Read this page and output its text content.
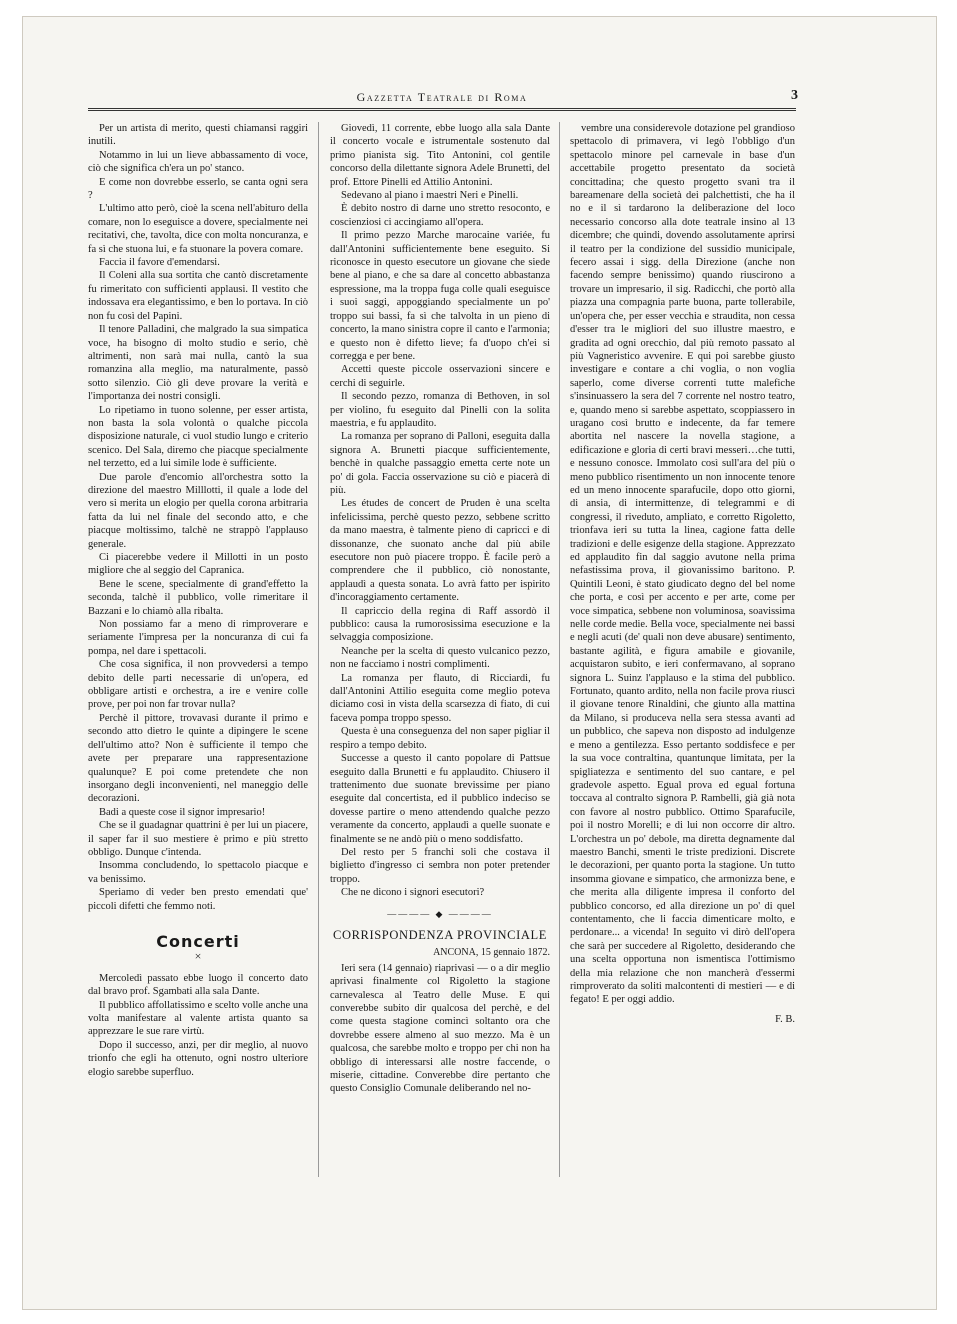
Gazzetta Teatrale di Roma	3

Per un artista di merito, questi chiamansi raggiri inutili.

Notammo in lui un lieve abbassamento di voce, ciò che significa ch'era un po' stanco.

E come non dovrebbe esserlo, se canta ogni sera ?

L'ultimo atto però, cioè la scena nell'abituro della comare, non lo eseguisce a dovere, specialmente nei recitativi, che, tavolta, dice con molta noncuranza, e fa sì che stuona lui, e fa stuonare la povera comare.

Faccia il favore d'emendarsi.

Il Coleni alla sua sortita che cantò discretamente fu rimeritato con sufficienti applausi. Il vestito che indossava era elegantissimo, e ben lo portava. In ciò non fu così del Papini.

Il tenore Palladini, che malgrado la sua simpatica voce, ha bisogno di molto studio e serio, chè altrimenti, non sarà mai nulla, cantò la sua romanzina alla meglio, ma naturalmente, passò sotto silenzio. Ciò gli deve provare la verità e l'importanza dei nostri consigli.

Lo ripetiamo in tuono solenne, per esser artista, non basta la sola volontà o qualche piccola disposizione naturale, ci vuol studio lungo e criterio scenico. Del Sala, diremo che piacque specialmente nel terzetto, ed a lui simile lode è sufficiente.

Due parole d'encomio all'orchestra sotto la direzione del maestro Milllotti, il quale a lode del vero si merita un elogio per quella corona arbitraria fatta da lui nel finale del secondo atto, e che piacque moltissimo, talchè ne strappò l'applauso generale.

Ci piacerebbe vedere il Millotti in un posto migliore che al seggio del Capranica.

Bene le scene, specialmente di grand'effetto la seconda, talchè il pubblico, volle rimeritare il Bazzani e lo chiamò alla ribalta.

Non possiamo far a meno di rimproverare e seriamente l'impresa per la noncuranza di cui fa pompa, nel dare i spettacoli.

Che cosa significa, il non provvedersi a tempo debito delle parti necessarie di un'opera, ed obbligare artisti e orchestra, a ire e venire colle prove, per poi non far trovar nulla?

Perchè il pittore, trovavasi durante il primo e secondo atto dietro le quinte a dipingere le scene dell'ultimo atto? Non è sufficiente il tempo che avete per preparare una rappresentazione qualunque? E poi come pretendete che non insorgano degli inconvenienti, nel maneggio delle decorazioni.

Badi a queste cose il signor impresario!

Che se il guadagnar quattrini è per lui un piacere, il saper far il suo mestiere è primo e più stretto obbligo. Dunque c'intenda.

Insomma concludendo, lo spettacolo piacque e va benissimo.

Speriamo di veder ben presto emendati que' piccoli difetti che femmo noti.

Concerti
×

Mercoledì passato ebbe luogo il concerto dato dal bravo prof. Sgambati alla sala Dante.

Il pubblico affollatissimo e scelto volle anche una volta manifestare al valente artista quanto sa apprezzare le sue rare virtù.

Dopo il successo, anzi, per dir meglio, al nuovo trionfo che egli ha ottenuto, ogni nostro ulteriore elogio sarebbe superfluo.

Giovedì, 11 corrente, ebbe luogo alla sala Dante il concerto vocale e istrumentale sostenuto dal primo pianista sig. Tito Antonini, col gentile concorso della dilettante signora Adele Brunetti, del prof. Ettore Pinelli ed Attilio Antonini.

Sedevano al piano i maestri Neri e Pinelli.

È debito nostro di darne uno stretto resoconto, e coscienziosi ci accingiamo all'opera.

Il primo pezzo Marche marocaine variée, fu dall'Antonini sufficientemente bene eseguito. Si riconosce in questo esecutore un giovane che siede bene al piano, e che sa dare al concetto abbastanza espressione, ma la troppa fuga colle quali eseguisce i suoi saggi, appoggiando specialmente un po' troppo sui bassi, fa sì che talvolta in un pieno di concerto, la mano sinistra copre il canto e l'armonia; e questo non è difetto lieve; fa d'uopo ch'ei si corregga e per bene.

Accetti queste piccole osservazioni sincere e cerchi di seguirle.

Il secondo pezzo, romanza di Bethoven, in sol per violino, fu eseguito dal Pinelli con la solita maestria, e fu applaudito.

La romanza per soprano di Palloni, eseguita dalla signora A. Brunetti piacque sufficientemente, benchè in qualche passaggio emetta certe note un po' di gola. Faccia osservazione su ciò e piacerà di più.

Les études de concert de Pruden è una scelta infelicissima, perchè questo pezzo, sebbene scritto da mano maestra, è talmente pieno di capricci e di dissonanze, che suonato anche dal più abile esecutore non può piacere troppo. È facile però a comprendere che il pubblico, ciò nonostante, applaudì a questa sonata. Lo avrà fatto per ispirito d'incoraggiamento certamente.

Il capriccio della regina di Raff assordò il pubblico: causa la rumorosissima esecuzione e la selvaggia composizione.

Neanche per la scelta di questo vulcanico pezzo, non ne facciamo i nostri complimenti.

La romanza per flauto, di Ricciardi, fu dall'Antonini Attilio eseguita come meglio poteva diciamo così in vista della scarsezza di fiato, di cui faceva pompa troppo spesso.

Questa è una conseguenza del non saper pigliar il respiro a tempo debito.

Successe a questo il canto popolare di Pattsue eseguito dalla Brunetti e fu applaudito. Chiusero il trattenimento due suonate brevissime per piano eseguite dal concertista, ed il pubblico indeciso se dovesse partire o meno attendendo qualche pezzo veramente da concerto, applaudì a quelle suonate e finalmente se ne andò più o meno soddisfatto.

Del resto per 5 franchi soli che costava il biglietto d'ingresso ci sembra non poter pretender troppo.

Che ne dicono i signori esecutori?

———— ◆ ————
CORRISPONDENZA PROVINCIALE
ANCONA, 15 gennaio 1872.

Ieri sera (14 gennaio) riaprivasi — o a dir meglio aprivasi finalmente col Rigoletto la stagione carnevalesca al Teatro delle Muse. E qui converebbe subito dir qualcosa del perchè, e del come questa stagione comincì soltanto ora che dovrebbe essere almeno al suo mezzo. Ma è un qualcosa, che sarebbe molto e troppo per chi non ha obbligo di interessarsi alle nostre faccende, o miserie, cittadine. Converebbe dire pertanto che questo Consiglio Comunale deliberando nel no-

vembre una considerevole dotazione pel grandioso spettacolo di primavera, vi legò l'obbligo d'un spettacolo minore pel carnevale in base d'un accettabile progetto presentato da società concittadina; che questo progetto svanì tra il bareamenare della società dei palchettisti, che ha il no e il sì tardarono la deliberazione del loco necessario concorso alla dote teatrale insino al 13 dicembre; che quindi, dovendo assolutamente aprirsi il teatro per la condizione del sussidio municipale, fecero assai i sigg. della Direzione (anche non facendo sempre benissimo) quando riuscirono a trovare un impresario, il sig. Radicchi, che portò alla piazza una compagnia parte buona, parte tollerabile, un'opera che, per esser vecchia e straudita, non cessa d'esser tra le migliori del suo illustre maestro, e gradita ad ogni orecchio, dal più remoto passato al più Vagneristico avvenire. E qui poi sarebbe giusto investigare e contare a chi voglia, o non voglia saperlo, come diverse correnti tutte malefiche s'insinuassero la sera del 7 corrente nel nostro teatro, e, quando meno si sarebbe aspettato, scoppiassero in uragano così brutto e indecente, da far temere abortita nel nascere la novella stagione, a edificazione e gloria di certi bravi messeri…che tutti, e nessuno conosce. Immolato così sull'ara del più o meno pubblico risentimento un non innocente tenore ed un meno innocente sparafucile, dopo otto giorni, di ansia, di intermittenze, di telegrammi e di congressi, il riveduto, ampliato, e corretto Rigoletto, trionfava ieri su tutta la linea, cagione fatta delle tradizioni e delle esigenze della stagione. Apprezzato ed applaudito fin dal saggio avutone nella prima nefastissima prova, il giovanissimo baritono. P. Quintili Leoni, è stato giudicato degno del bel nome che porta, e così per accento e per arte, come per voce simpatica, sebbene non voluminosa, soavissima nelle corde medie. Bella voce, specialmente nei bassi e negli acuti (de' quali non deve abusare) sentimento, bastante agilità, e figura amabile e giovanile, acquistaron subito, e ieri confermavano, al soprano signora L. Suinz l'applauso e la stima del pubblico. Fortunato, quanto ardito, nella non facile prova riuscì il giovane tenore Rinaldini, che giunto alla mattina da Milano, si produceva nella sera stessa avanti ad un pubblico, che sapeva non disposto ad indulgenze e meno a gentilezza. Esso pertanto soddisfece e per la sua voce contraltina, quantunque limitata, per la spigliatezza e sentimento del suo cantare, e pel gradevole aspetto. Egual prova ed egual fortuna toccava al contralto signora P. Rambelli, già già nota con favore al nostro pubblico. Ottimo Sparafucile, poi il nostro Morelli; e di lui non occorre dir altro. L'orchestra un po' debole, ma diretta degnamente dal maestro Banchi, smentì le triste predizioni. Discrete le decorazioni, per quanto porta la stagione. Un tutto insomma giovane e simpatico, che armonizza bene, e che merita alla diligente impresa il conforto del pubblico concorso, ed alla direzione un po' di quel contentamento, che li faccia dimenticare molto, e perdonare... a vicenda! In seguito vi dirò dell'opera che sarà per succedere al Rigoletto, desiderando che una scelta opportuna non ismentisca l'ottimismo della mia relazione che non mancherà d'essermi rimproverato da soliti malcontenti di mestieri — e di fegato! E per oggi addio.

F. B.
